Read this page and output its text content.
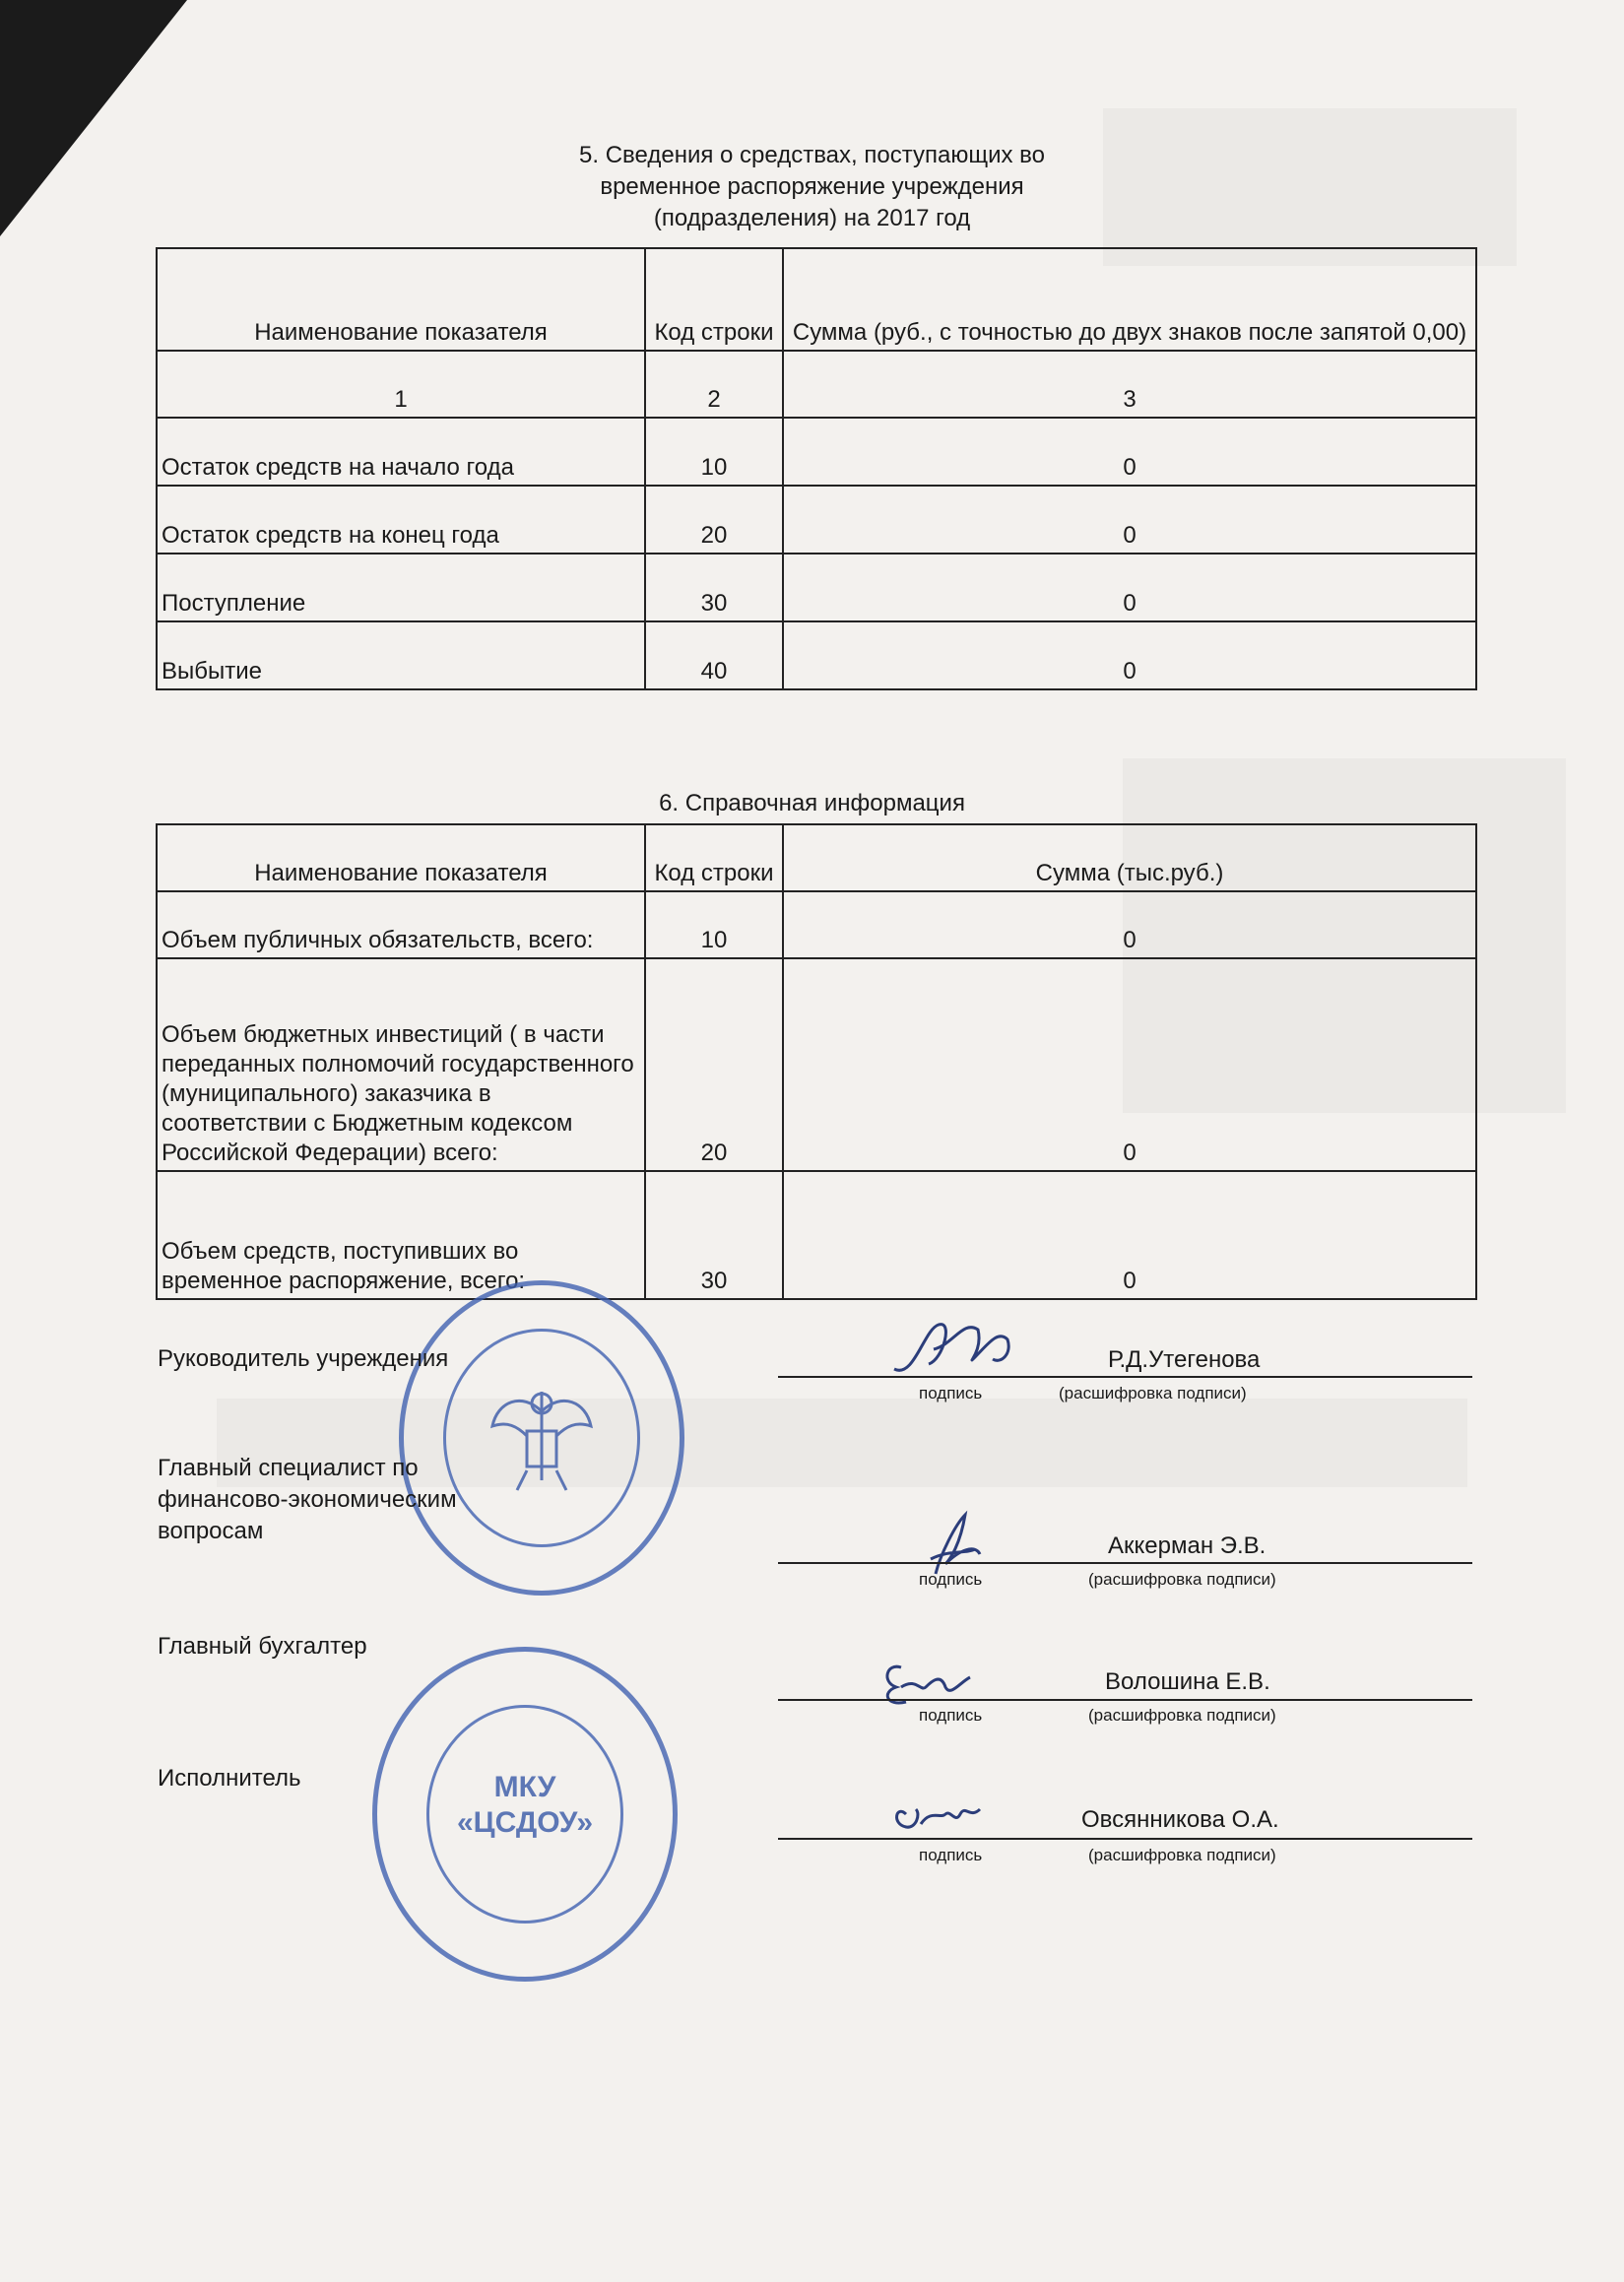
5. Сведения о средствах, поступающих во
временное распоряжение учреждения
(подразделения) на 2017 год
Наименование показателя	Код строки	Сумма (руб., с точностью до двух знаков после запятой 0,00)
1	2	3
Остаток средств на начало года	10	0
Остаток средств на конец года	20	0
Поступление	30	0
Выбытие	40	0
6. Справочная информация
Наименование показателя	Код строки	Сумма (тыс.руб.)
Объем публичных обязательств, всего:	10	0
Объем бюджетных инвестиций ( в части переданных полномочий государственного (муниципального) заказчика в соответствии с Бюджетным кодексом Российской Федерации) всего:	20	0
Объем средств, поступивших во временное распоряжение, всего:	30	0
МКУ
«ЦСДОУ»
Руководитель учреждения	Р.Д.Утегенова
подпись	(расшифровка подписи)
Главный специалист по финансово-экономическим вопросам
Аккерман Э.В.
подпись	(расшифровка подписи)
Главный бухгалтер
Волошина Е.В.
подпись	(расшифровка подписи)
Исполнитель
Овсянникова О.А.
подпись	(расшифровка подписи)
